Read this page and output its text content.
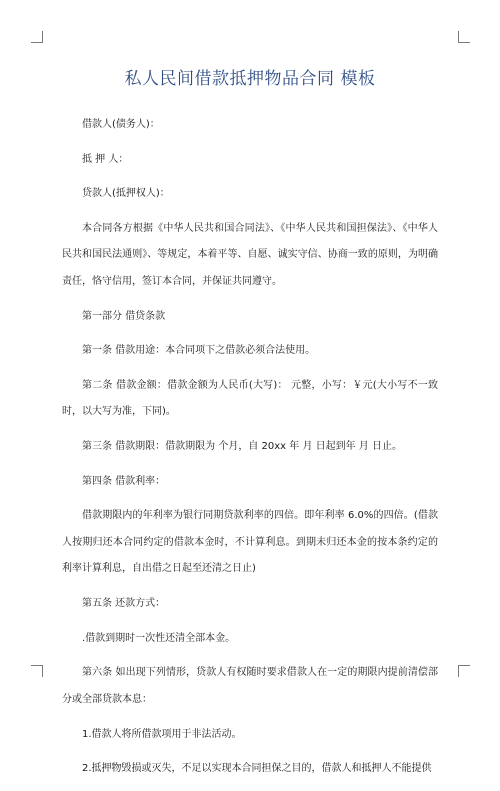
私人民间借款抵押物品合同 模板

借款人(债务人)：

抵 押 人：

贷款人(抵押权人)：

本合同各方根据《中华人民共和国合同法》、《中华人民共和国担保法》、《中华人民共和国民法通则》、等规定，本着平等、自愿、诚实守信、协商一致的原则，为明确责任，恪守信用，签订本合同，并保证共同遵守。

第一部分 借贷条款

第一条 借款用途：本合同项下之借款必须合法使用。

第二条 借款金额：借款金额为人民币(大写)： 元整，小写：￥元(大小写不一致时，以大写为准，下同)。

第三条 借款期限：借款期限为 个月，自 20xx 年 月 日起到年 月 日止。

第四条 借款利率：

借款期限内的年利率为银行同期贷款利率的四倍。即年利率 6.0%的四倍。(借款人按期归还本合同约定的借款本金时，不计算利息。到期未归还本金的按本条约定的利率计算利息，自出借之日起至还清之日止)

第五条 还款方式：

.借款到期时一次性还清全部本金。

第六条 如出现下列情形，贷款人有权随时要求借款人在一定的期限内提前清偿部分或全部贷款本息：

1.借款人将所借款项用于非法活动。

2.抵押物毁损或灭失，不足以实现本合同担保之目的，借款人和抵押人不能提供
